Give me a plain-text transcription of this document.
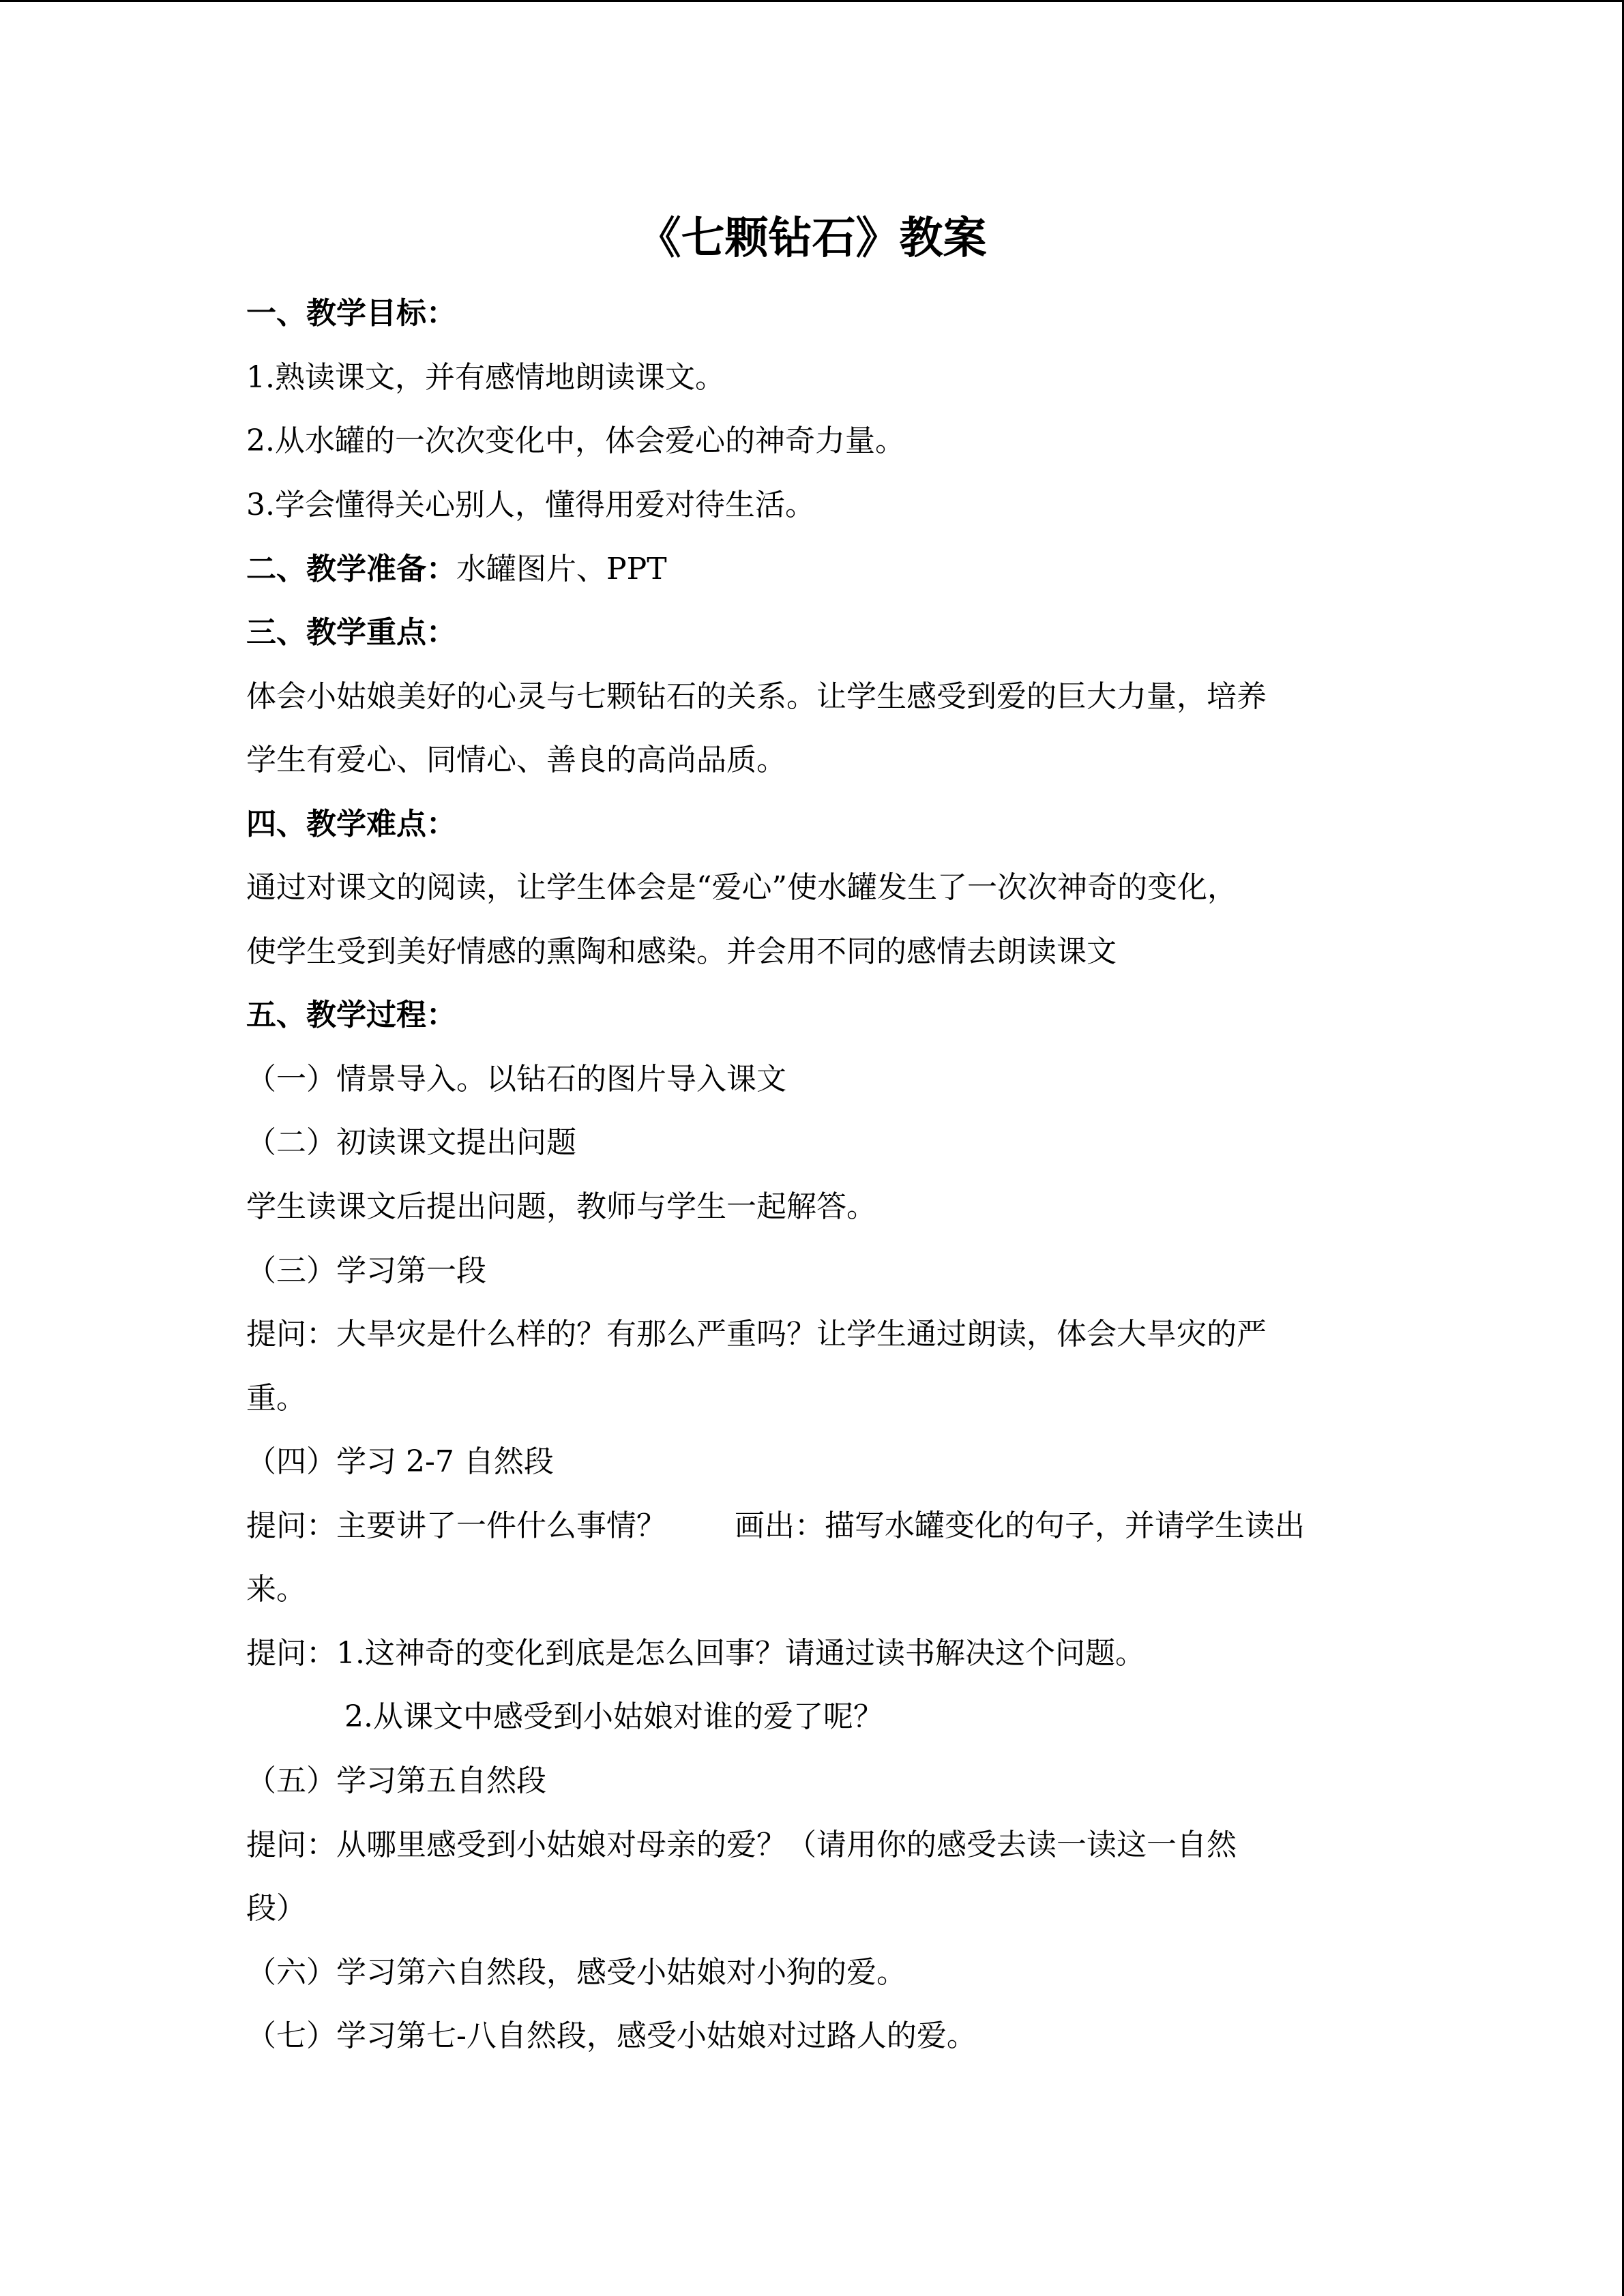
《七颗钻石》教案
一、教学目标：
1.熟读课文，并有感情地朗读课文。
2.从水罐的一次次变化中，体会爱心的神奇力量。
3.学会懂得关心别人，懂得用爱对待生活。
二、教学准备：水罐图片、PPT
三、教学重点：
体会小姑娘美好的心灵与七颗钻石的关系。让学生感受到爱的巨大力量，培养
学生有爱心、同情心、善良的高尚品质。
四、教学难点：
通过对课文的阅读，让学生体会是“爱心”使水罐发生了一次次神奇的变化，
使学生受到美好情感的熏陶和感染。并会用不同的感情去朗读课文
五、教学过程：
（一）情景导入。以钻石的图片导入课文
（二）初读课文提出问题
学生读课文后提出问题，教师与学生一起解答。
（三）学习第一段
提问：大旱灾是什么样的？有那么严重吗？让学生通过朗读，体会大旱灾的严
重。
（四）学习 2-7 自然段
提问：主要讲了一件什么事情？ 画出：描写水罐变化的句子，并请学生读出
来。
提问：1.这神奇的变化到底是怎么回事？请通过读书解决这个问题。
2.从课文中感受到小姑娘对谁的爱了呢？
（五）学习第五自然段
提问：从哪里感受到小姑娘对母亲的爱？（请用你的感受去读一读这一自然
段）
（六）学习第六自然段，感受小姑娘对小狗的爱。
（七）学习第七-八自然段，感受小姑娘对过路人的爱。
